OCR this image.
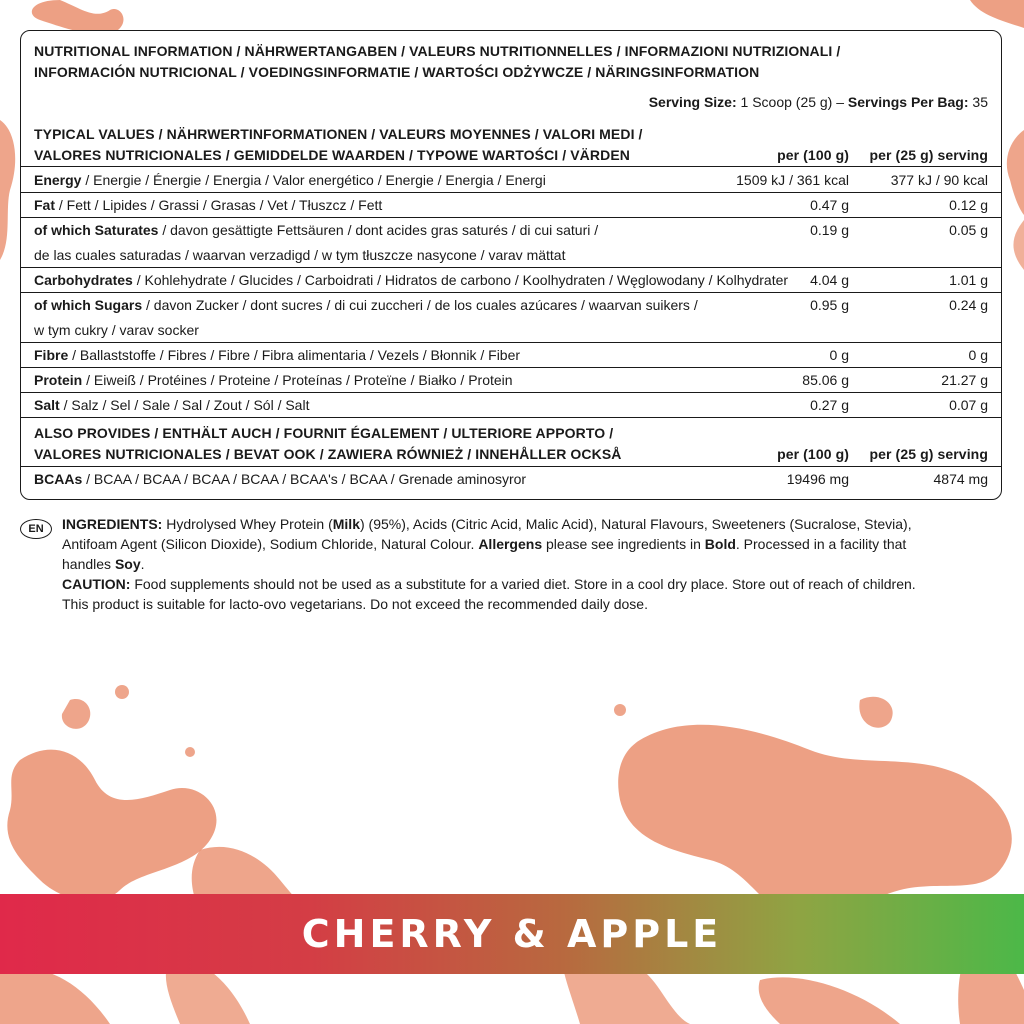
NUTRITIONAL INFORMATION / NÄHRWERTANGABEN / VALEURS NUTRITIONNELLES / INFORMAZIONI NUTRIZIONALI /
INFORMACIÓN NUTRICIONAL / VOEDINGSINFORMATIE / WARTOŚCI ODŻYWCZE / NÄRINGSINFORMATION
Serving Size: 1 Scoop (25 g) – Servings Per Bag: 35
TYPICAL VALUES / NÄHRWERTINFORMATIONEN / VALEURS MOYENNES / VALORI MEDI /
VALORES NUTRICIONALES / GEMIDDELDE WAARDEN / TYPOWE WARTOŚCI / VÄRDEN	per (100 g) per (25 g) serving
Energy / Energie / Énergie / Energia / Valor energético / Energie / Energia / Energi	1509 kJ / 361 kcal	377 kJ / 90 kcal
Fat / Fett / Lipides / Grassi / Grasas / Vet / Tłuszcz / Fett	0.47 g	0.12 g
of which Saturates / davon gesättigte Fettsäuren / dont acides gras saturés / di cui saturi /
de las cuales saturadas / waarvan verzadigd / w tym tłuszcze nasycone / varav mättat
0.19 g	0.05 g
Carbohydrates / Kohlehydrate / Glucides / Carboidrati / Hidratos de carbono / Koolhydraten / Węglowodany / Kolhydrater 4.04 g	1.01 g
of which Sugars / davon Zucker / dont sucres / di cui zuccheri / de los cuales azúcares / waarvan suikers /
w tym cukry / varav socker
0.95 g	0.24 g
Fibre / Ballaststoffe / Fibres / Fibre / Fibra alimentaria / Vezels / Błonnik / Fiber	0 g	0 g
Protein / Eiweiß / Protéines / Proteine / Proteínas / Proteïne / Białko / Protein	85.06 g	21.27 g
Salt / Salz / Sel / Sale / Sal / Zout / Sól / Salt	0.27 g	0.07 g
ALSO PROVIDES / ENTHÄLT AUCH / FOURNIT ÉGALEMENT / ULTERIORE APPORTO /
VALORES NUTRICIONALES / BEVAT OOK / ZAWIERA RÓWNIEŻ / INNEHÅLLER OCKSÅ	per (100 g) per (25 g) serving
BCAAs / BCAA / BCAA / BCAA / BCAA / BCAA's / BCAA / Grenade aminosyror	19496 mg	4874 mg
EN	INGREDIENTS: Hydrolysed Whey Protein (Milk) (95%), Acids (Citric Acid, Malic Acid), Natural Flavours, Sweeteners (Sucralose, Stevia), Antifoam Agent (Silicon Dioxide), Sodium Chloride, Natural Colour. Allergens please see ingredients in Bold. Processed in a facility that handles Soy.
CAUTION: Food supplements should not be used as a substitute for a varied diet. Store in a cool dry place. Store out of reach of children. This product is suitable for lacto-ovo vegetarians. Do not exceed the recommended daily dose.
CHERRY & APPLE
